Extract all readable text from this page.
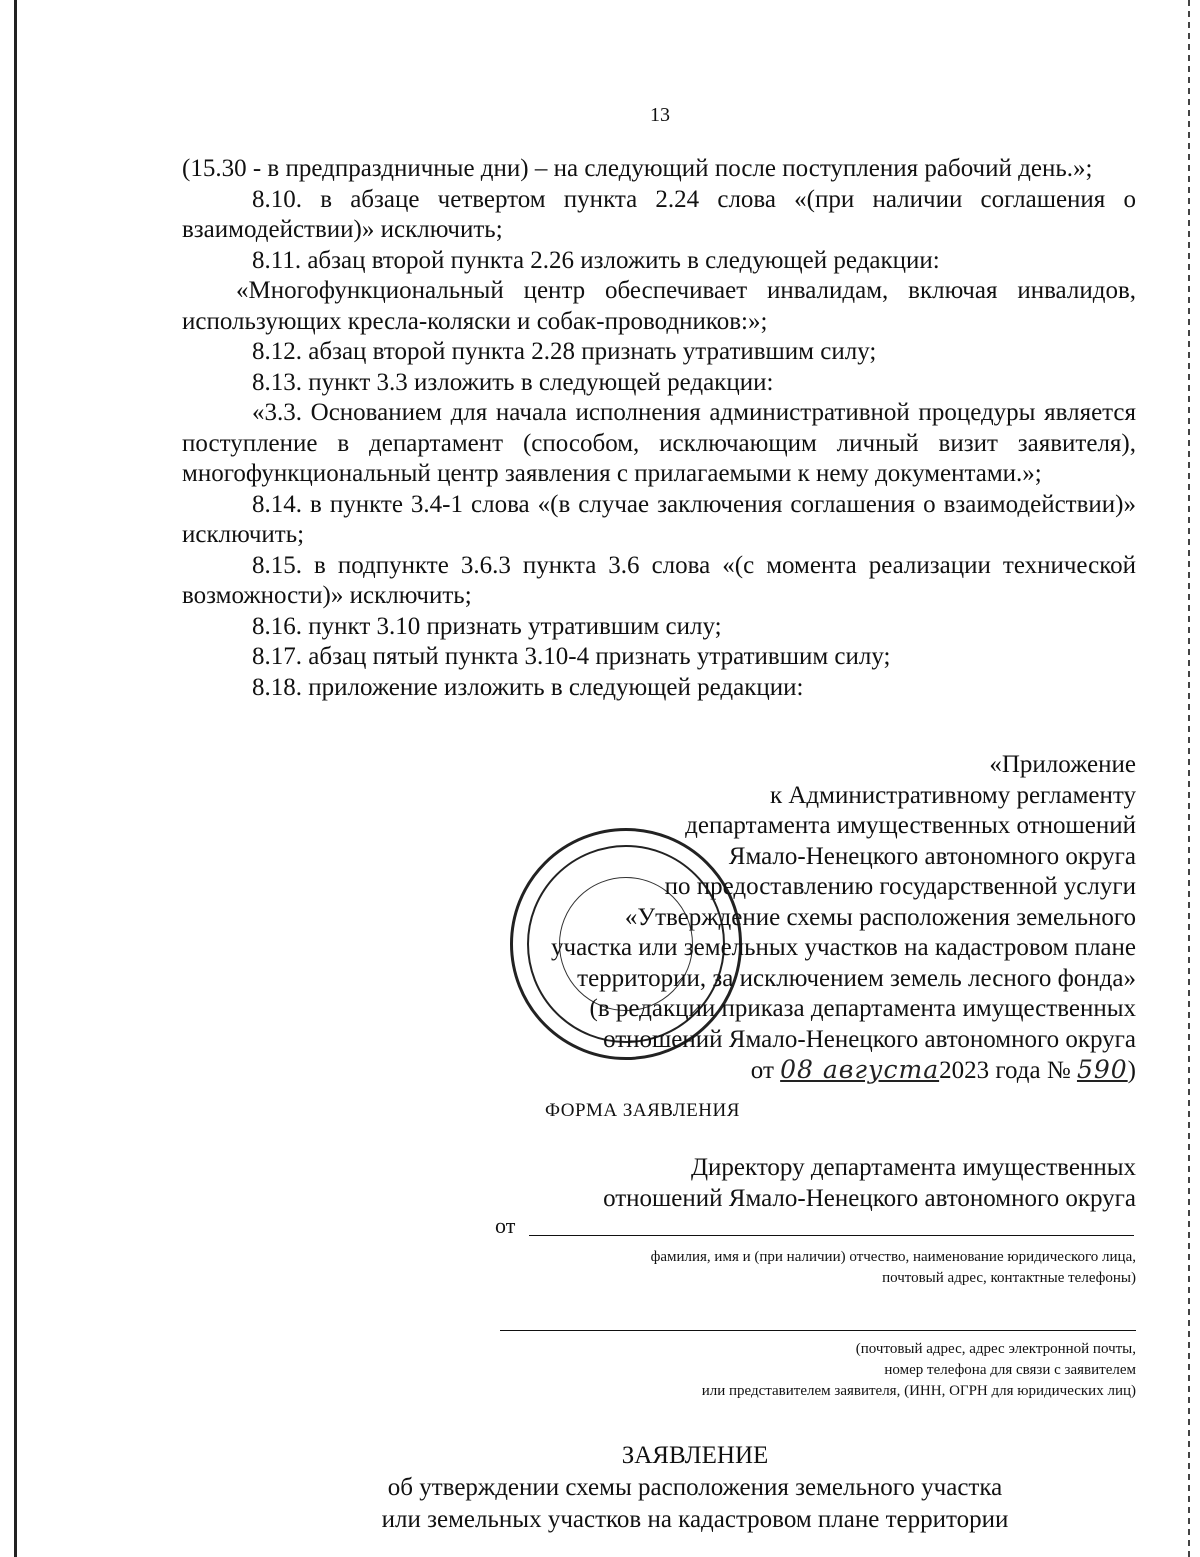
13

(15.30 - в предпраздничные дни) – на следующий после поступления рабочий день.»;

8.10. в абзаце четвертом пункта 2.24 слова «(при наличии соглашения о взаимодействии)» исключить;

8.11. абзац второй пункта 2.26 изложить в следующей редакции:

«Многофункциональный центр обеспечивает инвалидам, включая инвалидов, использующих кресла-коляски и собак-проводников:»;

8.12. абзац второй пункта 2.28 признать утратившим силу;

8.13. пункт 3.3 изложить в следующей редакции:

«3.3. Основанием для начала исполнения административной процедуры является поступление в департамент (способом, исключающим личный визит заявителя), многофункциональный центр заявления с прилагаемыми к нему документами.»;

8.14. в пункте 3.4-1 слова «(в случае заключения соглашения о взаимодействии)» исключить;

8.15. в подпункте 3.6.3 пункта 3.6 слова «(с момента реализации технической возможности)» исключить;

8.16. пункт 3.10 признать утратившим силу;

8.17. абзац пятый пункта 3.10-4 признать утратившим силу;

8.18. приложение изложить в следующей редакции:

«Приложение
к Административному регламенту
департамента имущественных отношений
Ямало-Ненецкого автономного округа
по предоставлению государственной услуги
«Утверждение схемы расположения земельного
участка или земельных участков на кадастровом плане
территории, за исключением земель лесного фонда»
(в редакции приказа департамента имущественных
отношений Ямало-Ненецкого автономного округа
от 08 августа2023 года № 590)
ФОРМА ЗАЯВЛЕНИЯ
Директору департамента имущественных
отношений Ямало-Ненецкого автономного округа
от
фамилия, имя и (при наличии) отчество, наименование юридического лица,
почтовый адрес, контактные телефоны)
(почтовый адрес, адрес электронной почты,
номер телефона для связи с заявителем
или представителем заявителя, (ИНН, ОГРН для юридических лиц)
ЗАЯВЛЕНИЕ
об утверждении схемы расположения земельного участка
или земельных участков на кадастровом плане территории
